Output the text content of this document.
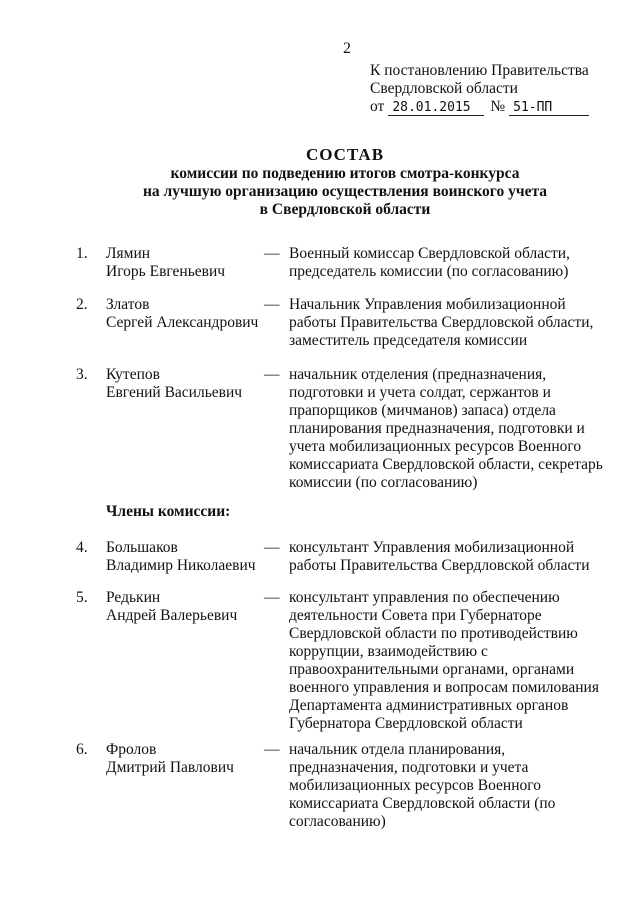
2
К постановлению Правительства
Свердловской области
от 28.01.2015 № 51-ПП
СОСТАВ
комиссии по подведению итогов смотра-конкурса
на лучшую организацию осуществления воинского учета
в Свердловской области
1. Лямин
Игорь Евгеньевич
— Военный комиссар Свердловской области, председатель комиссии (по согласованию)
2. Златов
Сергей Александрович
— Начальник Управления мобилизационной работы Правительства Свердловской области, заместитель председателя комиссии
3. Кутепов
Евгений Васильевич
— начальник отделения (предназначения, подготовки и учета солдат, сержантов и прапорщиков (мичманов) запаса) отдела планирования предназначения, подготовки и учета мобилизационных ресурсов Военного комиссариата Свердловской области, секретарь комиссии (по согласованию)
Члены комиссии:
4. Большаков
Владимир Николаевич
— консультант Управления мобилизационной работы Правительства Свердловской области
5. Редькин
Андрей Валерьевич
— консультант управления по обеспечению деятельности Совета при Губернаторе Свердловской области по противодействию коррупции, взаимодействию с правоохранительными органами, органами военного управления и вопросам помилования Департамента административных органов Губернатора Свердловской области
6. Фролов
Дмитрий Павлович
— начальник отдела планирования, предназначения, подготовки и учета мобилизационных ресурсов Военного комиссариата Свердловской области (по согласованию)
